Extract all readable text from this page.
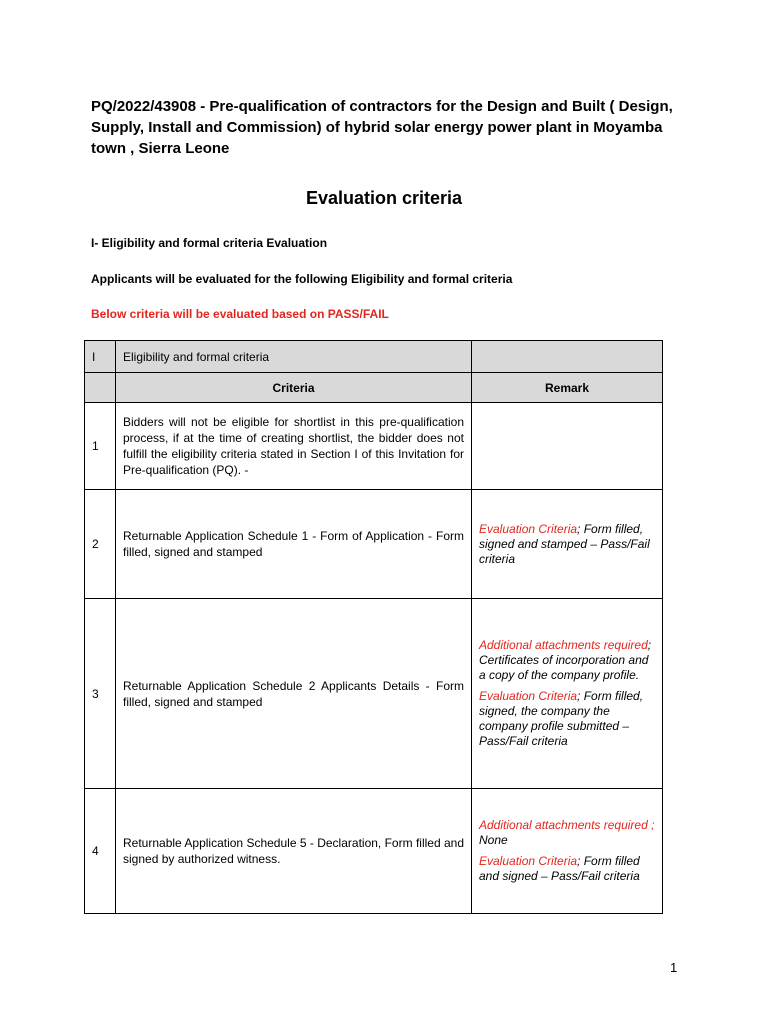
PQ/2022/43908 - Pre-qualification of contractors for the Design and Built ( Design, Supply, Install and Commission) of hybrid solar energy power plant in Moyamba town , Sierra Leone
Evaluation criteria
I- Eligibility and formal criteria Evaluation
Applicants will be evaluated for the following Eligibility and formal criteria
Below criteria will be evaluated based on PASS/FAIL
I	Eligibility and formal criteria	
	Criteria	Remark
1	Bidders will not be eligible for shortlist in this pre-qualification process, if at the time of creating shortlist, the bidder does not fulfill the eligibility criteria stated in Section I of this Invitation for Pre-qualification (PQ). -	
2	Returnable Application Schedule 1 - Form of Application - Form filled, signed and stamped	Evaluation Criteria; Form filled, signed and stamped – Pass/Fail criteria

3	Returnable Application Schedule 2 Applicants Details - Form filled, signed and stamped	Additional attachments required; Certificates of incorporation and a copy of the company profile.

Evaluation Criteria; Form filled, signed, the company the company profile submitted – Pass/Fail criteria

4	Returnable Application Schedule 5 - Declaration, Form filled and signed by authorized witness.	Additional attachments required ; None

Evaluation Criteria; Form filled and signed – Pass/Fail criteria

1
